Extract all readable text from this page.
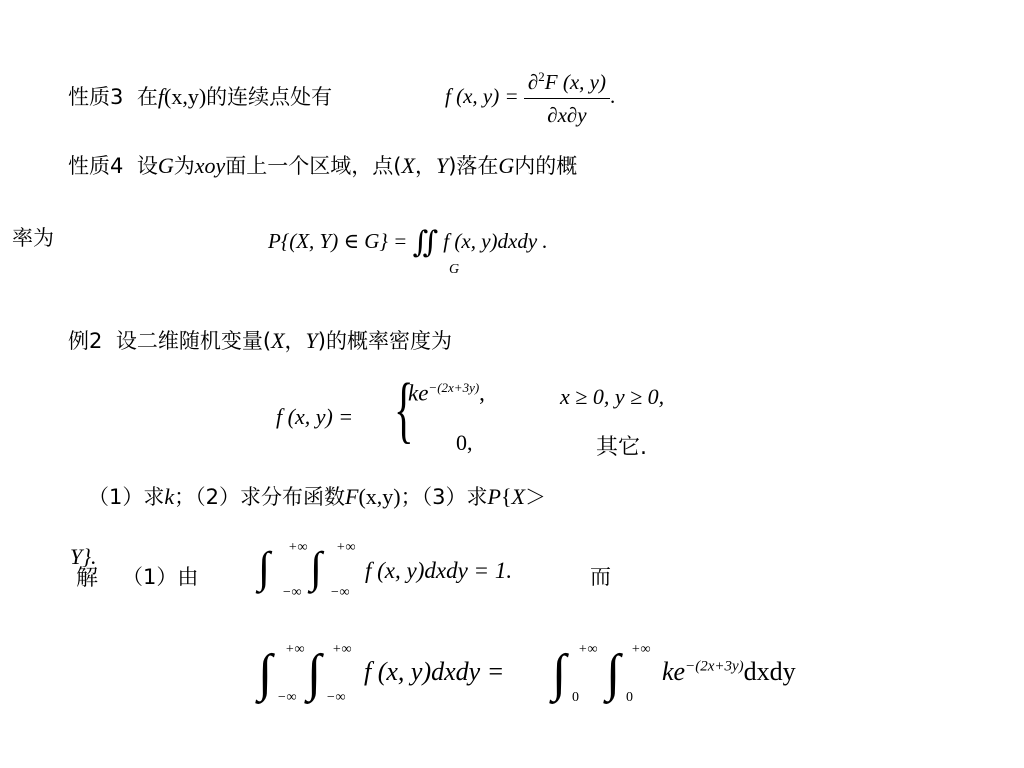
性质3 在f(x,y)的连续点处有	f (x, $y) = \frac{\partial^2F (x, y)}{\partial x\partial y}$ .
性质4 设G为xoy面上一个区域，点(X，Y)落在G内的概
率为	P{(X, Y) ∈ G} = ∬ f (x, y)dxdy .
G
例2 设二维随机变量(X，Y)的概率密度为
f (x, y) = {
$ke^{-(2x+3y)}$,	x ≥ 0, y ≥ 0,
0,	其它.
（1）求k；（2）求分布函数F(x,y)；（3）求P{X＞
Y}.
解 （1）由 ∫ +∞
−∞
∫ +∞
−∞
f (x, y)dxdy = 1.	而
∫ +∞
−∞ ∫ +∞
−∞
f (x, y)dxdy = ∫ +∞
0 ∫ +∞
0
$ke^{-(2x+3y)}dxdy$
